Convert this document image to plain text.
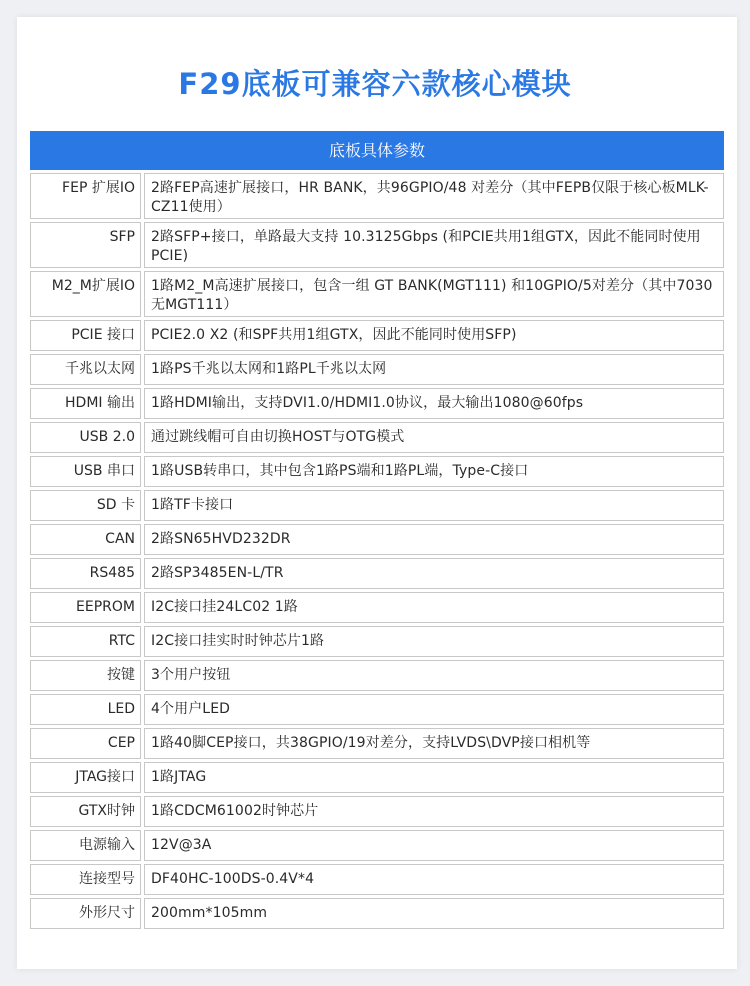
F29底板可兼容六款核心模块
底板具体参数
FEP 扩展IO	2路FEP高速扩展接口，HR BANK，共96GPIO/48 对差分（其中FEPB仅限于核心板MLK-CZ11使用）
SFP	2路SFP+接口，单路最大支持 10.3125Gbps (和PCIE共用1组GTX，因此不能同时使用PCIE)
M2_M扩展IO	1路M2_M高速扩展接口，包含一组 GT BANK(MGT111) 和10GPIO/5对差分（其中7030无MGT111）
PCIE 接口	PCIE2.0 X2 (和SPF共用1组GTX，因此不能同时使用SFP)
千兆以太网	1路PS千兆以太网和1路PL千兆以太网
HDMI 输出	1路HDMI输出，支持DVI1.0/HDMI1.0协议，最大输出1080@60fps
USB 2.0	通过跳线帽可自由切换HOST与OTG模式
USB 串口	1路USB转串口，其中包含1路PS端和1路PL端，Type-C接口
SD 卡	1路TF卡接口
CAN	2路SN65HVD232DR
RS485	2路SP3485EN-L/TR
EEPROM	I2C接口挂24LC02 1路
RTC	I2C接口挂实时时钟芯片1路
按键	3个用户按钮
LED	4个用户LED
CEP	1路40脚CEP接口，共38GPIO/19对差分，支持LVDS\DVP接口相机等
JTAG接口	1路JTAG
GTX时钟	1路CDCM61002时钟芯片
电源输入	12V@3A
连接型号	DF40HC-100DS-0.4V*4
外形尺寸	200mm*105mm
